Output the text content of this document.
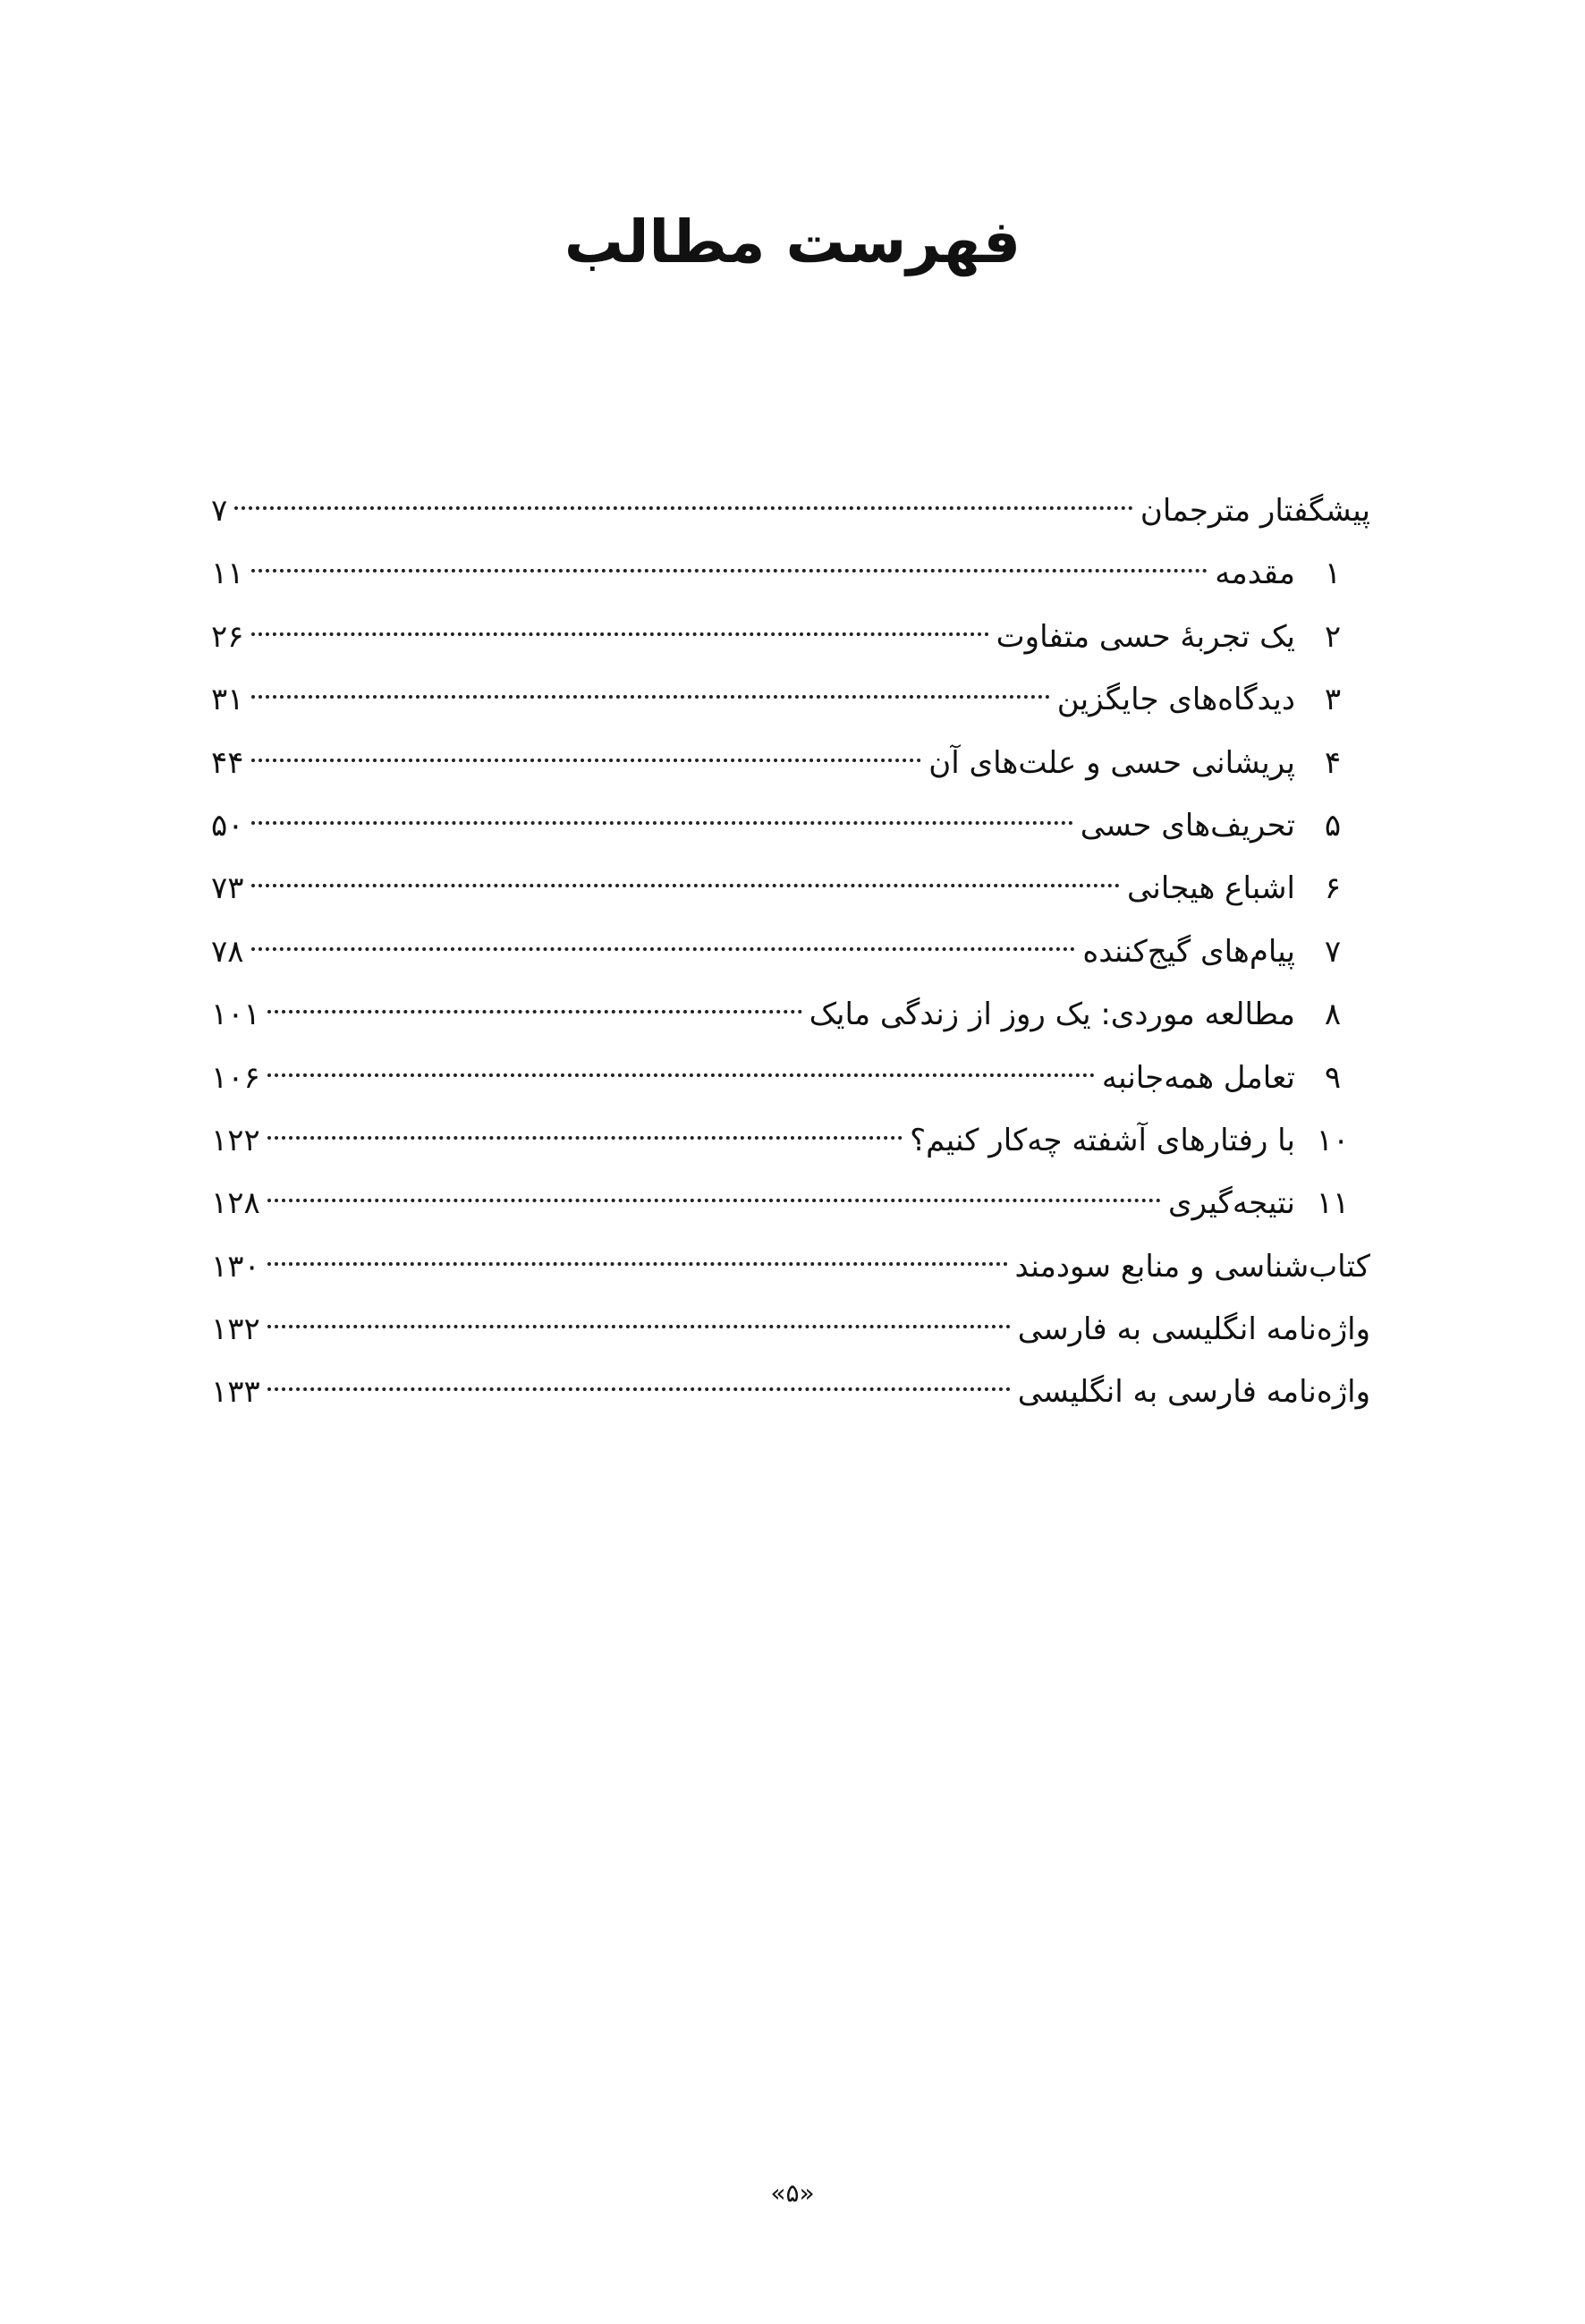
فهرست مطالب
پیشگفتار مترجمان
۷
۱
مقدمه
۱۱
۲
یک تجربهٔ حسی متفاوت
۲۶
۳
دیدگاه‌های جایگزین
۳۱
۴
پریشانی حسی و علت‌های آن
۴۴
۵
تحریف‌های حسی
۵۰
۶
اشباع هیجانی
۷۳
۷
پیام‌های گیج‌کننده
۷۸
۸
مطالعه موردی: یک روز از زندگی مایک
۱۰۱
۹
تعامل همه‌جانبه
۱۰۶
۱۰
با رفتارهای آشفته چه‌کار کنیم؟
۱۲۲
۱۱
نتیجه‌گیری
۱۲۸
کتاب‌شناسی و منابع سودمند
۱۳۰
واژه‌نامه انگلیسی به فارسی
۱۳۲
واژه‌نامه فارسی به انگلیسی
۱۳۳
«۵»
